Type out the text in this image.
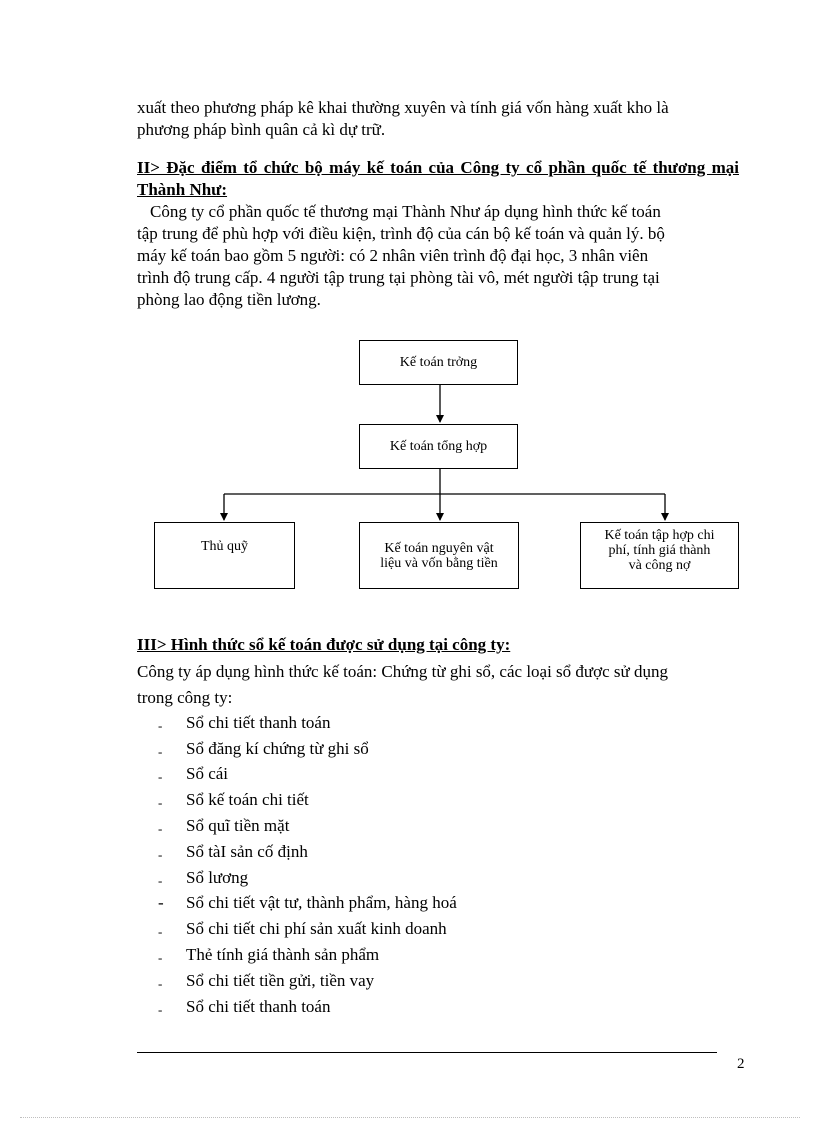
xuất theo phương pháp kê khai thường xuyên và tính giá vốn hàng xuất kho là
phương pháp bình quân cả kì dự trữ.
II> Đặc điểm tổ chức bộ máy kế toán của Công ty cổ phần quốc tế thương mại Thành Như:
Công ty cổ phần quốc tế thương mại Thành Như áp dụng hình thức kế toán
tập trung để phù hợp với điều kiện, trình độ của cán bộ kế toán và quản lý. bộ
máy kế toán bao gồm 5 người: có 2 nhân viên trình độ đại học, 3 nhân viên
trình độ trung cấp. 4 người tập trung tại phòng tài vô, mét người tập trung tại
phòng lao động tiền lương.
Kế toán trởng
Kế toán tổng hợp
Thủ quỹ	Kế toán nguyên vật
liệu và vốn bằng tiền
Kế toán tập hợp chi
phí, tính giá thành
và công nợ
III> Hình thức sổ kế toán được sử dụng tại công ty:
Công ty áp dụng hình thức kế toán: Chứng từ ghi sổ, các loại sổ được sử dụng
trong công ty:
-	Sổ chi tiết thanh toán
-	Sổ đăng kí chứng từ ghi sổ
-	Sổ cái
-	Sổ kế toán chi tiết
-	Sổ quĩ tiền mặt
-	Sổ tàI sản cố định
-	Sổ lương
-	Sổ chi tiết vật tư, thành phẩm, hàng hoá
-	Sổ chi tiết chi phí sản xuất kinh doanh
-	Thẻ tính giá thành sản phẩm
-	Sổ chi tiết tiền gửi, tiền vay
-	Sổ chi tiết thanh toán
2
